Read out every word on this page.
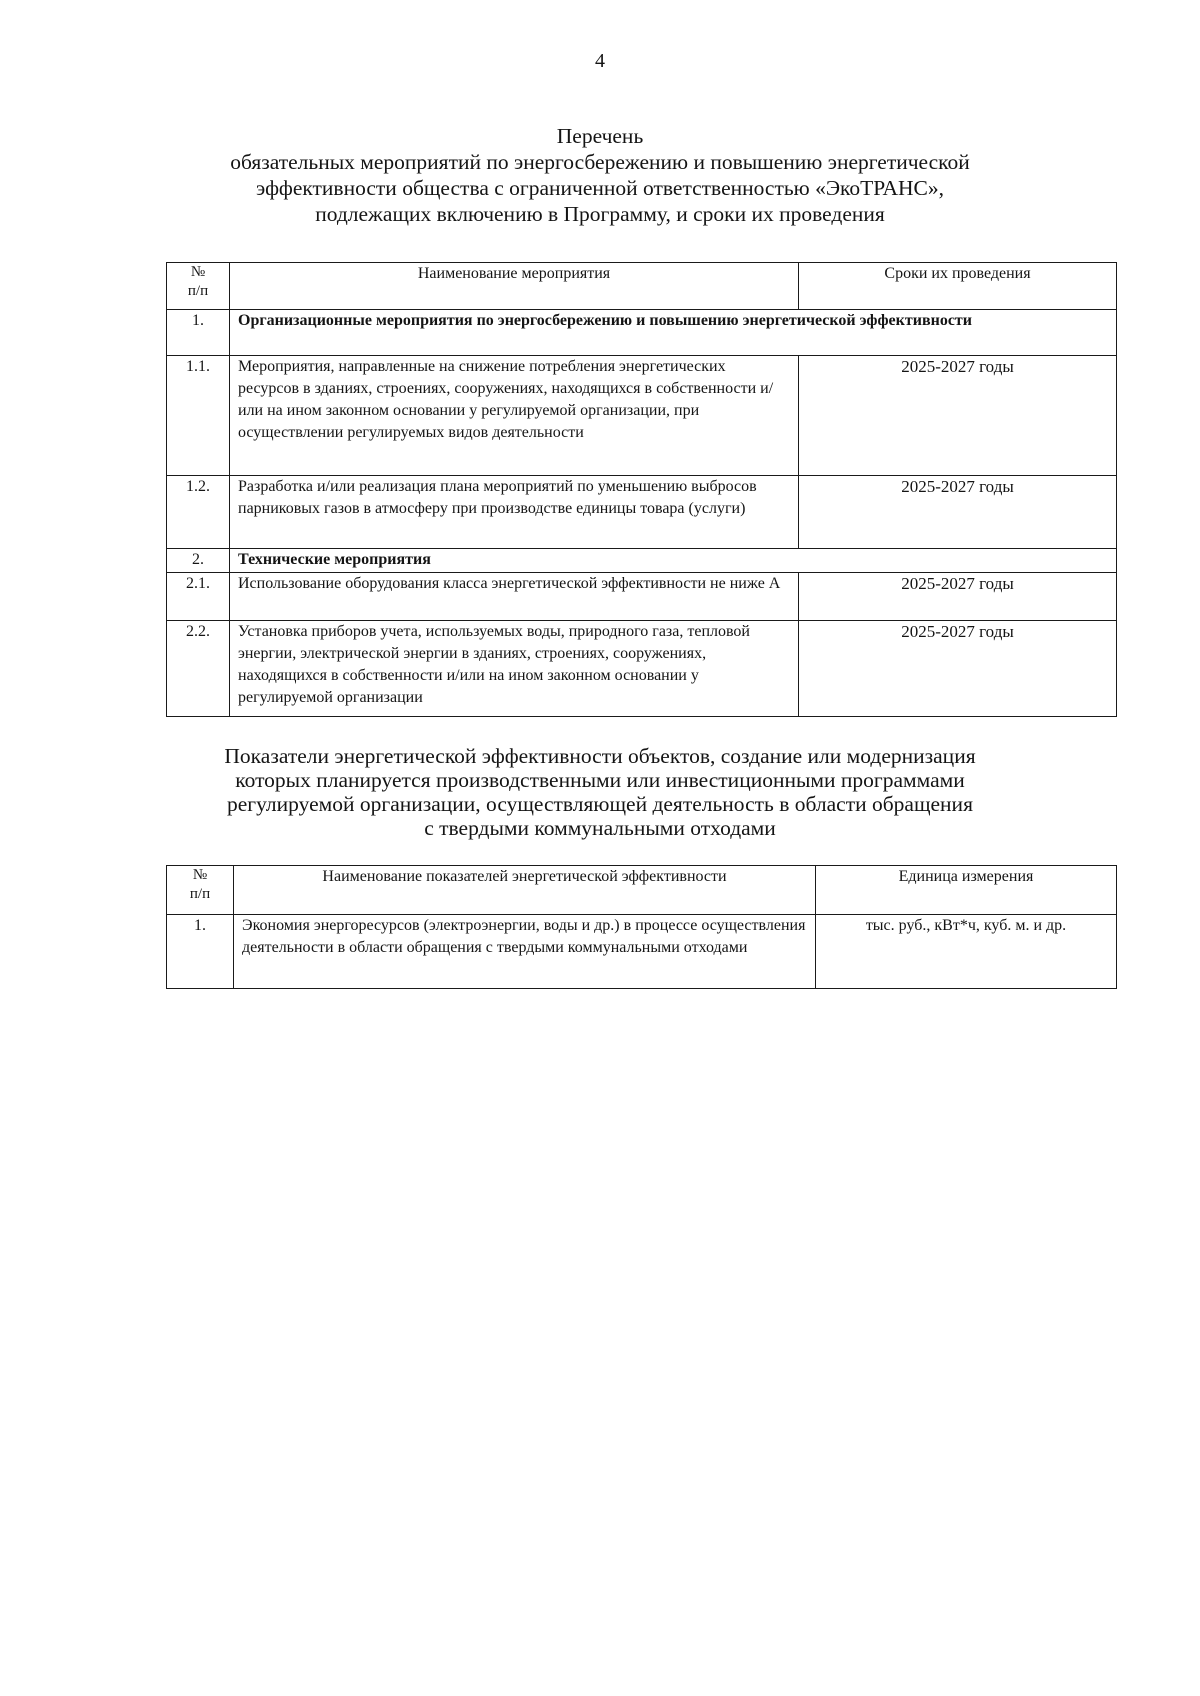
4
Перечень
обязательных мероприятий по энергосбережению и повышению энергетической
эффективности общества с ограниченной ответственностью «ЭкоТРАНС»,
подлежащих включению в Программу, и сроки их проведения
№
п/п	Наименование мероприятия	Сроки их проведения
1.	Организационные мероприятия по энергосбережению и повышению энергетической эффективности	
1.1.	Мероприятия, направленные на снижение потребления энергетических ресурсов в зданиях, строениях, сооружениях, находящихся в собственности и/или на ином законном основании у регулируемой организации, при осуществлении регулируемых видов деятельности	2025-2027 годы
1.2.	Разработка и/или реализация плана мероприятий по уменьшению выбросов парниковых газов в атмосферу при производстве единицы товара (услуги)	2025-2027 годы
2.	Технические мероприятия	
2.1.	Использование оборудования класса энергетической эффективности не ниже А	2025-2027 годы
2.2.	Установка приборов учета, используемых воды, природного газа, тепловой энергии, электрической энергии в зданиях, строениях, сооружениях, находящихся в собственности и/или на ином законном основании у регулируемой организации	2025-2027 годы
Показатели энергетической эффективности объектов, создание или модернизация
которых планируется производственными или инвестиционными программами
регулируемой организации, осуществляющей деятельность в области обращения
с твердыми коммунальными отходами
№
п/п	Наименование показателей энергетической эффективности	Единица измерения
1.	Экономия энергоресурсов (электроэнергии, воды и др.) в процессе осуществления деятельности в области обращения с твердыми коммунальными отходами	тыс. руб., кВт*ч, куб. м. и др.
